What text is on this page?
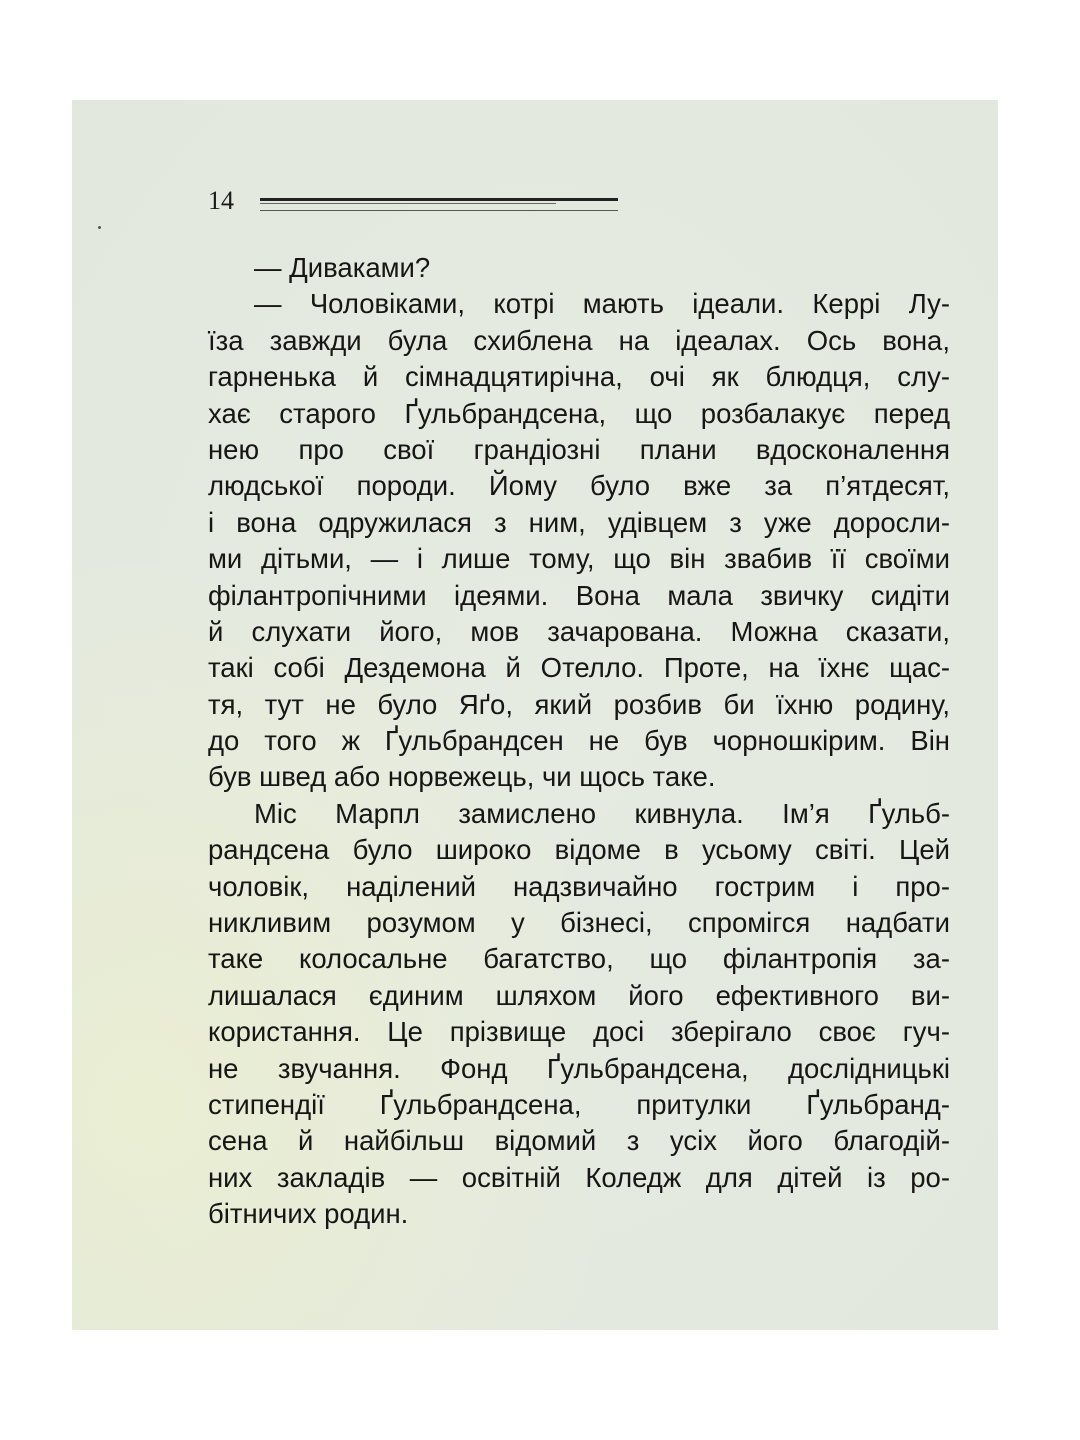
14
— Диваками?
— Чоловіками, котрі мають ідеали. Керрі Лу-
їза завжди була схиблена на ідеалах. Ось вона,
гарненька й сімнадцятирічна, очі як блюдця, слу-
хає старого Ґульбрандсена, що розбалакує перед
нею про свої грандіозні плани вдосконалення
людської породи. Йому було вже за п’ятдесят,
і вона одружилася з ним, удівцем з уже доросли-
ми дітьми, — і лише тому, що він звабив її своїми
філантропічними ідеями. Вона мала звичку сидіти
й слухати його, мов зачарована. Можна сказати,
такі собі Дездемона й Отелло. Проте, на їхнє щас-
тя, тут не було Яґо, який розбив би їхню родину,
до того ж Ґульбрандсен не був чорношкірим. Він
був швед або норвежець, чи щось таке.
Міс Марпл замислено кивнула. Ім’я Ґульб-
рандсена було широко відоме в усьому світі. Цей
чоловік, наділений надзвичайно гострим і про-
никливим розумом у бізнесі, спромігся надбати
таке колосальне багатство, що філантропія за-
лишалася єдиним шляхом його ефективного ви-
користання. Це прізвище досі зберігало своє гуч-
не звучання. Фонд Ґульбрандсена, дослідницькі
стипендії Ґульбрандсена, притулки Ґульбранд-
сена й найбільш відомий з усіх його благодій-
них закладів — освітній Коледж для дітей із ро-
бітничих родин.
